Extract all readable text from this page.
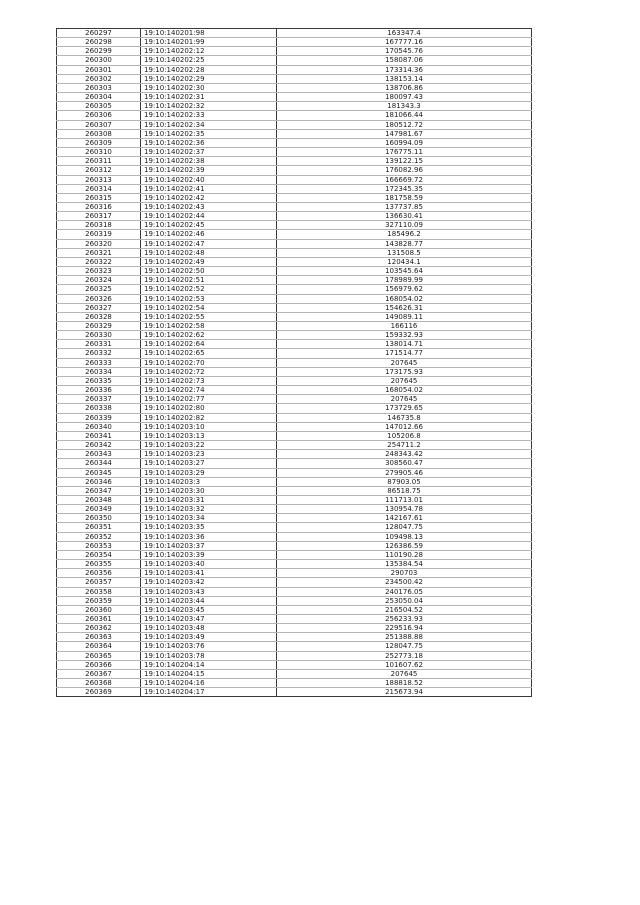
260297	19:10:140201:98	163347.4
260298	19:10:140201:99	167777.16
260299	19:10:140202:12	170545.76
260300	19:10:140202:25	158087.06
260301	19:10:140202:28	173314.36
260302	19:10:140202:29	138153.14
260303	19:10:140202:30	138706.86
260304	19:10:140202:31	180097.43
260305	19:10:140202:32	181343.3
260306	19:10:140202:33	181066.44
260307	19:10:140202:34	180512.72
260308	19:10:140202:35	147981.67
260309	19:10:140202:36	160994.09
260310	19:10:140202:37	176775.11
260311	19:10:140202:38	139122.15
260312	19:10:140202:39	176082.96
260313	19:10:140202:40	166669.72
260314	19:10:140202:41	172345.35
260315	19:10:140202:42	181758.59
260316	19:10:140202:43	137737.85
260317	19:10:140202:44	136630.41
260318	19:10:140202:45	327110.09
260319	19:10:140202:46	185496.2
260320	19:10:140202:47	143828.77
260321	19:10:140202:48	131508.5
260322	19:10:140202:49	120434.1
260323	19:10:140202:50	103545.64
260324	19:10:140202:51	178989.99
260325	19:10:140202:52	156979.62
260326	19:10:140202:53	168054.02
260327	19:10:140202:54	154626.31
260328	19:10:140202:55	149089.11
260329	19:10:140202:58	166116
260330	19:10:140202:62	159332.93
260331	19:10:140202:64	138014.71
260332	19:10:140202:65	171514.77
260333	19:10:140202:70	207645
260334	19:10:140202:72	173175.93
260335	19:10:140202:73	207645
260336	19:10:140202:74	168054.02
260337	19:10:140202:77	207645
260338	19:10:140202:80	173729.65
260339	19:10:140202:82	146735.8
260340	19:10:140203:10	147012.66
260341	19:10:140203:13	105206.8
260342	19:10:140203:22	254711.2
260343	19:10:140203:23	248343.42
260344	19:10:140203:27	308560.47
260345	19:10:140203:29	279905.46
260346	19:10:140203:3	87903.05
260347	19:10:140203:30	86518.75
260348	19:10:140203:31	111713.01
260349	19:10:140203:32	130954.78
260350	19:10:140203:34	142167.61
260351	19:10:140203:35	128047.75
260352	19:10:140203:36	109498.13
260353	19:10:140203:37	126386.59
260354	19:10:140203:39	110190.28
260355	19:10:140203:40	135384.54
260356	19:10:140203:41	290703
260357	19:10:140203:42	234500.42
260358	19:10:140203:43	240176.05
260359	19:10:140203:44	253050.04
260360	19:10:140203:45	216504.52
260361	19:10:140203:47	256233.93
260362	19:10:140203:48	229516.94
260363	19:10:140203:49	251388.88
260364	19:10:140203:76	128047.75
260365	19:10:140203:78	252773.18
260366	19:10:140204:14	101607.62
260367	19:10:140204:15	207645
260368	19:10:140204:16	188818.52
260369	19:10:140204:17	215673.94
